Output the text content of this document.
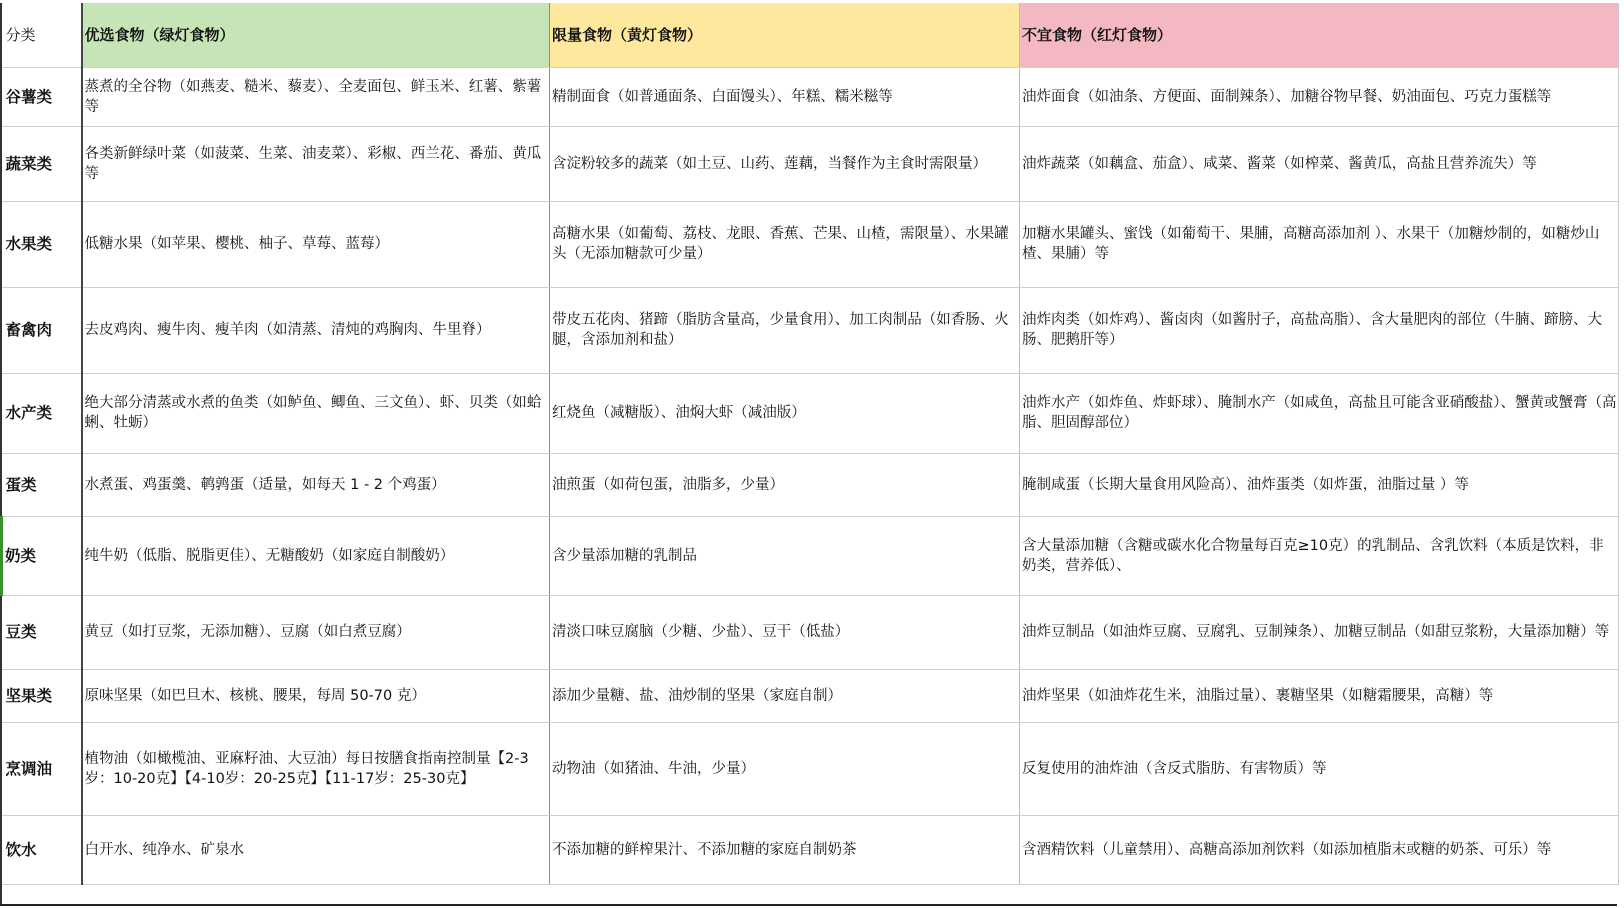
分类	优选食物（绿灯食物）	限量食物（黄灯食物）	不宜食物（红灯食物）
谷薯类	蒸煮的全谷物（如燕麦、糙米、藜麦）、全麦面包、鲜玉米、红薯、紫薯等	精制面食（如普通面条、白面馒头）、年糕、糯米糍等	油炸面食（如油条、方便面、面制辣条）、加糖谷物早餐、奶油面包、巧克力蛋糕等
蔬菜类	各类新鲜绿叶菜（如菠菜、生菜、油麦菜）、彩椒、西兰花、番茄、黄瓜等	含淀粉较多的蔬菜（如土豆、山药、莲藕，当餐作为主食时需限量）	油炸蔬菜（如藕盒、茄盒）、咸菜、酱菜（如榨菜、酱黄瓜，高盐且营养流失）等
水果类	低糖水果（如苹果、樱桃、柚子、草莓、蓝莓）	高糖水果（如葡萄、荔枝、龙眼、香蕉、芒果、山楂，需限量）、水果罐头（无添加糖款可少量）	加糖水果罐头、蜜饯（如葡萄干、果脯，高糖高添加剂 ）、水果干（加糖炒制的，如糖炒山楂、果脯）等
畜禽肉	去皮鸡肉、瘦牛肉、瘦羊肉（如清蒸、清炖的鸡胸肉、牛里脊）	带皮五花肉、猪蹄（脂肪含量高，少量食用）、加工肉制品（如香肠、火腿，含添加剂和盐）	油炸肉类（如炸鸡）、酱卤肉（如酱肘子，高盐高脂）、含大量肥肉的部位（牛腩、蹄膀、大肠、肥鹅肝等）
水产类	绝大部分清蒸或水煮的鱼类（如鲈鱼、鲫鱼、三文鱼）、虾、贝类（如蛤蜊、牡蛎）	红烧鱼（减糖版）、油焖大虾（减油版）	油炸水产（如炸鱼、炸虾球）、腌制水产（如咸鱼，高盐且可能含亚硝酸盐）、蟹黄或蟹膏（高脂、胆固醇部位）
蛋类	水煮蛋、鸡蛋羹、鹌鹑蛋（适量，如每天 1 - 2 个鸡蛋）	油煎蛋（如荷包蛋，油脂多，少量）	腌制咸蛋（长期大量食用风险高）、油炸蛋类（如炸蛋，油脂过量 ）等
奶类	纯牛奶（低脂、脱脂更佳）、无糖酸奶（如家庭自制酸奶）	含少量添加糖的乳制品	含大量添加糖（含糖或碳水化合物量每百克≥10克）的乳制品、含乳饮料（本质是饮料，非奶类，营养低）、
豆类	黄豆（如打豆浆，无添加糖）、豆腐（如白煮豆腐）	清淡口味豆腐脑（少糖、少盐）、豆干（低盐）	油炸豆制品（如油炸豆腐、豆腐乳、豆制辣条）、加糖豆制品（如甜豆浆粉，大量添加糖）等
坚果类	原味坚果（如巴旦木、核桃、腰果，每周 50-70 克）	添加少量糖、盐、油炒制的坚果（家庭自制）	油炸坚果（如油炸花生米，油脂过量）、裹糖坚果（如糖霜腰果，高糖）等
烹调油	植物油（如橄榄油、亚麻籽油、大豆油）每日按膳食指南控制量【2-3岁：10-20克】【4-10岁：20-25克】【11-17岁：25-30克】	动物油（如猪油、牛油，少量）	反复使用的油炸油（含反式脂肪、有害物质）等
饮水	白开水、纯净水、矿泉水	不添加糖的鲜榨果汁、不添加糖的家庭自制奶茶	含酒精饮料（儿童禁用）、高糖高添加剂饮料（如添加植脂末或糖的奶茶、可乐）等
